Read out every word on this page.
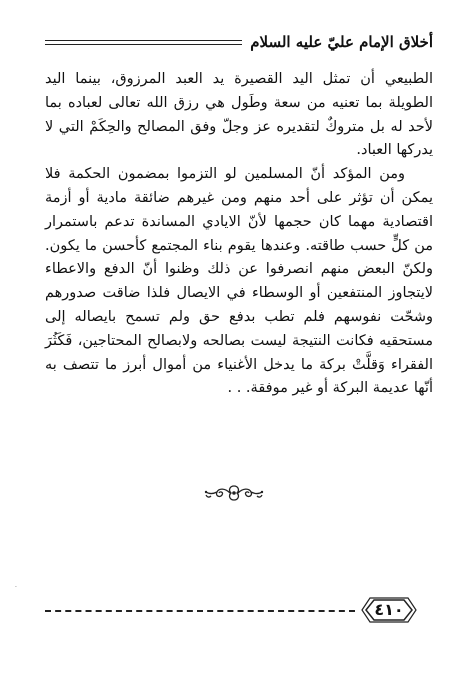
أخلاق الإمام عليّ عليه السلام

الطبيعي أن تمثل اليد القصيرة يد العبد المرزوق، بينما اليد الطويلة بما تعنيه من سعة وطَول هي رزق الله تعالى لعباده بما لأحد له بل متروكٌ لتقديره عز وجلّ وفق المصالح والحِكَمْ التي لا يدركها العباد.

ومن المؤكد أنّ المسلمين لو التزموا بمضمون الحكمة فلا يمكن أن تؤثر على أحد منهم ومن غيرهم ضائقة مادية أو أزمة اقتصادية مهما كان حجمها لأنّ الايادي المساندة تدعم باستمرار من كلٍّ حسب طاقته. وعندها يقوم بناء المجتمع كأحسن ما يكون. ولكنّ البعض منهم انصرفوا عن ذلك وظنوا أنّ الدفع والاعطاء لايتجاوز المنتفعين أو الوسطاء في الايصال فلذا ضاقت صدورهم وشحّت نفوسهم فلم تطب بدفع حق ولم تسمح بايصاله إلى مستحقيه فكانت النتيجة ليست بصالحه ولابصالح المحتاجين، فَكَثُرَ الفقراء وَقلَّتْ بركة ما يدخل الأغنياء من أموال أبرز ما تتصف به أنّها عديمة البركة أو غير موفقة. . .

·
٤١٠
